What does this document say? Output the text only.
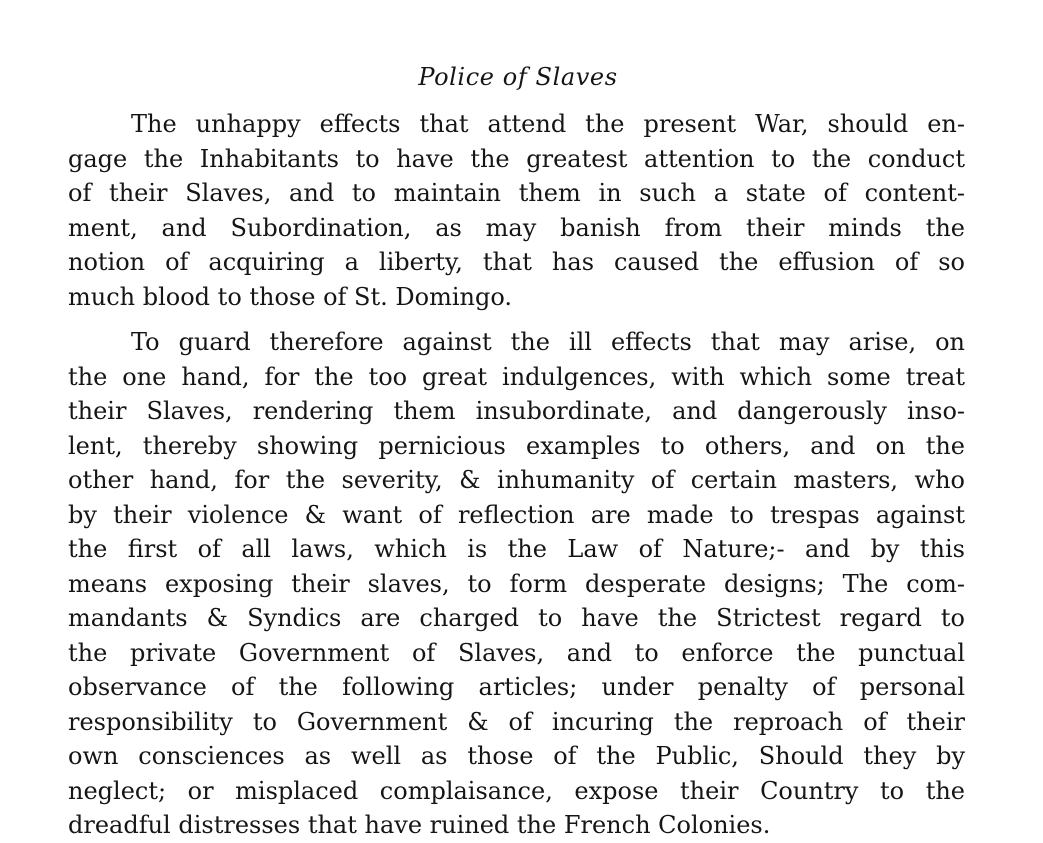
Police of Slaves
The unhappy effects that attend the present War, should en-
gage the Inhabitants to have the greatest attention to the conduct
of their Slaves, and to maintain them in such a state of content-
ment, and Subordination, as may banish from their minds the
notion of acquiring a liberty, that has caused the effusion of so
much blood to those of St. Domingo.
To guard therefore against the ill effects that may arise, on
the one hand, for the too great indulgences, with which some treat
their Slaves, rendering them insubordinate, and dangerously inso-
lent, thereby showing pernicious examples to others, and on the
other hand, for the severity, & inhumanity of certain masters, who
by their violence & want of reflection are made to trespas against
the first of all laws, which is the Law of Nature;- and by this
means exposing their slaves, to form desperate designs; The com-
mandants & Syndics are charged to have the Strictest regard to
the private Government of Slaves, and to enforce the punctual
observance of the following articles; under penalty of personal
responsibility to Government & of incuring the reproach of their
own consciences as well as those of the Public, Should they by
neglect; or misplaced complaisance, expose their Country to the
dreadful distresses that have ruined the French Colonies.
